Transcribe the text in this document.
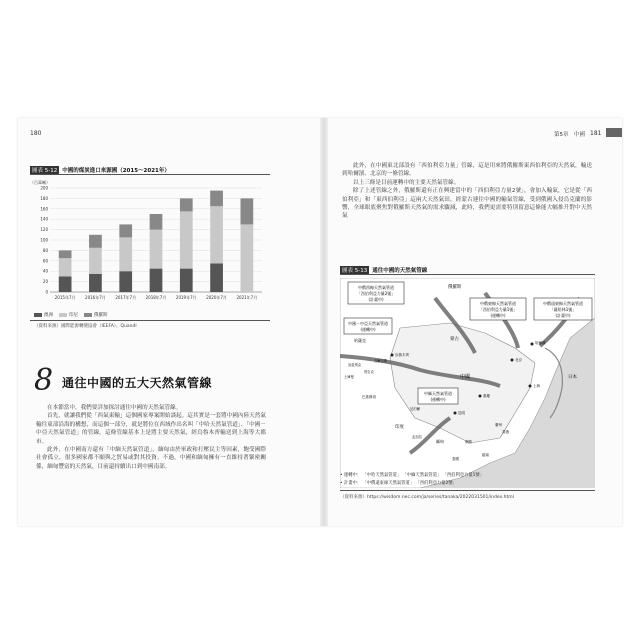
180
圖表 5-12 中國的煤炭進口來源國（2015～2021年）
（百萬噸）
0
20
40
60
80
100
120
140
160
180
200
2015年7月 2016年7月 2017年7月 2018年7月 2019年7月 2020年7月 2021年7月
澳洲	印尼	俄羅斯
（資料來源）國際能源轉變協會（IEEFA）、Quandl
8 通往中國的五大天然氣管線

在本節當中，我們要詳加探討通往中國的天然氣管線。

首先，就讓我們從「西氣東輸」這個國家專案開始談起。這其實是一套將中國內陸天然氣輸往東部沿海的構想，而這個一部分，就是將位在西域作出名叫「中哈天然氣管道」、「中國－中亞天然氣管道」的管線。這條管線基本上是將主要天然氣，經烏魯木齊輸送到上海等大都市。

此外，在中國南方還有「中緬天然氣管道」，緬甸由於軍政和打壓民主等因素，飽受國際社會孤立，很多國家都不願與之貿易或對其投資。不過，中國和緬甸擁有一直維持著緊密關係，緬甸豐富的天然氣，目前還持續出口到中國南部。

第5章　中國 181

此外，在中國東北部設有「西伯利亞力量」管線，這是用來將俄羅斯東西伯利亞的天然氣，輸送到哈爾濱、北京的一條管線。

以上三條是目前運轉中的主要天然氣管線。

除了上述管線之外，俄羅斯還有正在興建當中的「西伯利亞力量2號」，會加入輸氣，它是從「西伯利亞」和「東西伯利亞」這兩大天然氣田，經蒙古連往中國的輸氣管線，受到俄國入侵烏克蘭的影響，全球眼底聚焦對俄羅斯天然氣的需求驟減，此時，我們更需要特別留意這條能大幅推升對中天然氣

圖表 5-13 通往中國的天然氣管線
中俄西線天然氣管道
「西伯利亞力量2號」
(計畫中)
中俄東線天然氣管道
「西伯利亞力量1號」
(運轉中)
中俄遠東線天然氣管道
「薩哈林1號」
(計畫中)
中國－中亞天然氣管道
(運轉中)
中緬天然氣管道
(運轉中)
俄羅斯
哈薩克	蒙古
烏魯木齊
哈爾濱
北京
上海
日本
中國
重慶
昆明
緬甸
印度
吉爾吉斯
塔吉克
烏茲別克
土庫曼
巴基斯坦
泰國
寮國
孟加拉
越南
尼泊爾
廣州
香港
• 運轉中： 「中哈天然氣管道」 「中緬天然氣管道」 「西伯利亞力量1號」
• 計畫中： 「中俄遠東線天然氣管道」 「西伯利亞力量2號」
（資料來源）https://wisdom.nec.com/ja/series/tanaka/2022031501/index.html
